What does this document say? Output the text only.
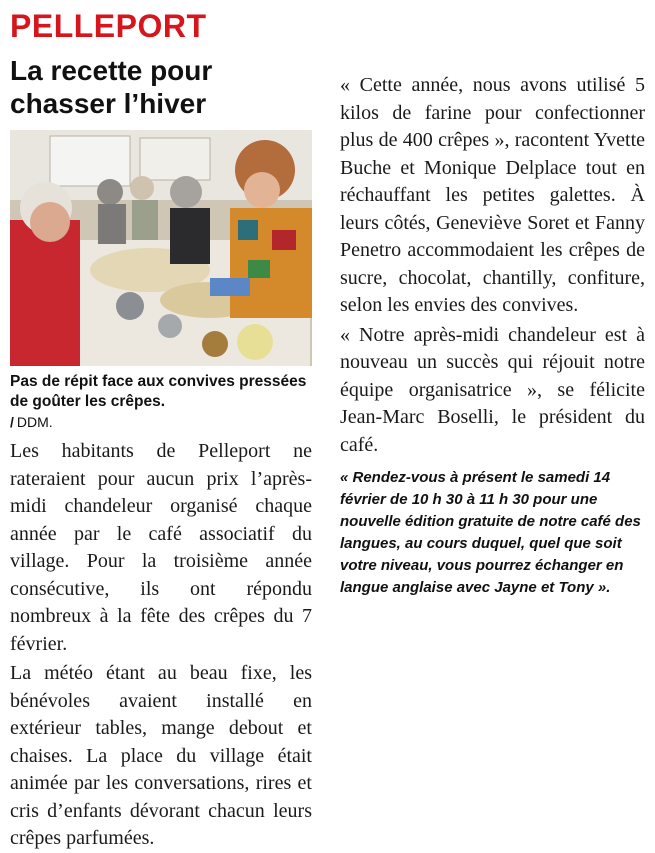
PELLEPORT
La recette pour
chasser l’hiver
Pas de répit face aux convives pressées de goûter les crêpes.
/ DDM.

Les habitants de Pelleport ne rateraient pour aucun prix l’après-midi chandeleur organisé chaque année par le café associatif du village. Pour la troisième année consécutive, ils ont répondu nombreux à la fête des crêpes du 7 février.

La météo étant au beau fixe, les bénévoles avaient installé en extérieur tables, mange debout et chaises. La place du village était animée par les conversations, rires et cris d’enfants dévorant chacun leurs crêpes parfumées.

« Cette année, nous avons utilisé 5 kilos de farine pour confectionner plus de 400 crêpes », racontent Yvette Buche et Monique Delplace tout en réchauffant les petites galettes. À leurs côtés, Geneviève Soret et Fanny Penetro accommodaient les crêpes de sucre, chocolat, chantilly, confiture, selon les envies des convives.

« Notre après-midi chandeleur est à nouveau un succès qui réjouit notre équipe organisatrice », se félicite Jean-Marc Boselli, le président du café.

« Rendez-vous à présent le samedi 14 février de 10 h 30 à 11 h 30 pour une nouvelle édition gratuite de notre café des langues, au cours duquel, quel que soit votre niveau, vous pourrez échanger en langue anglaise avec Jayne et Tony ».
